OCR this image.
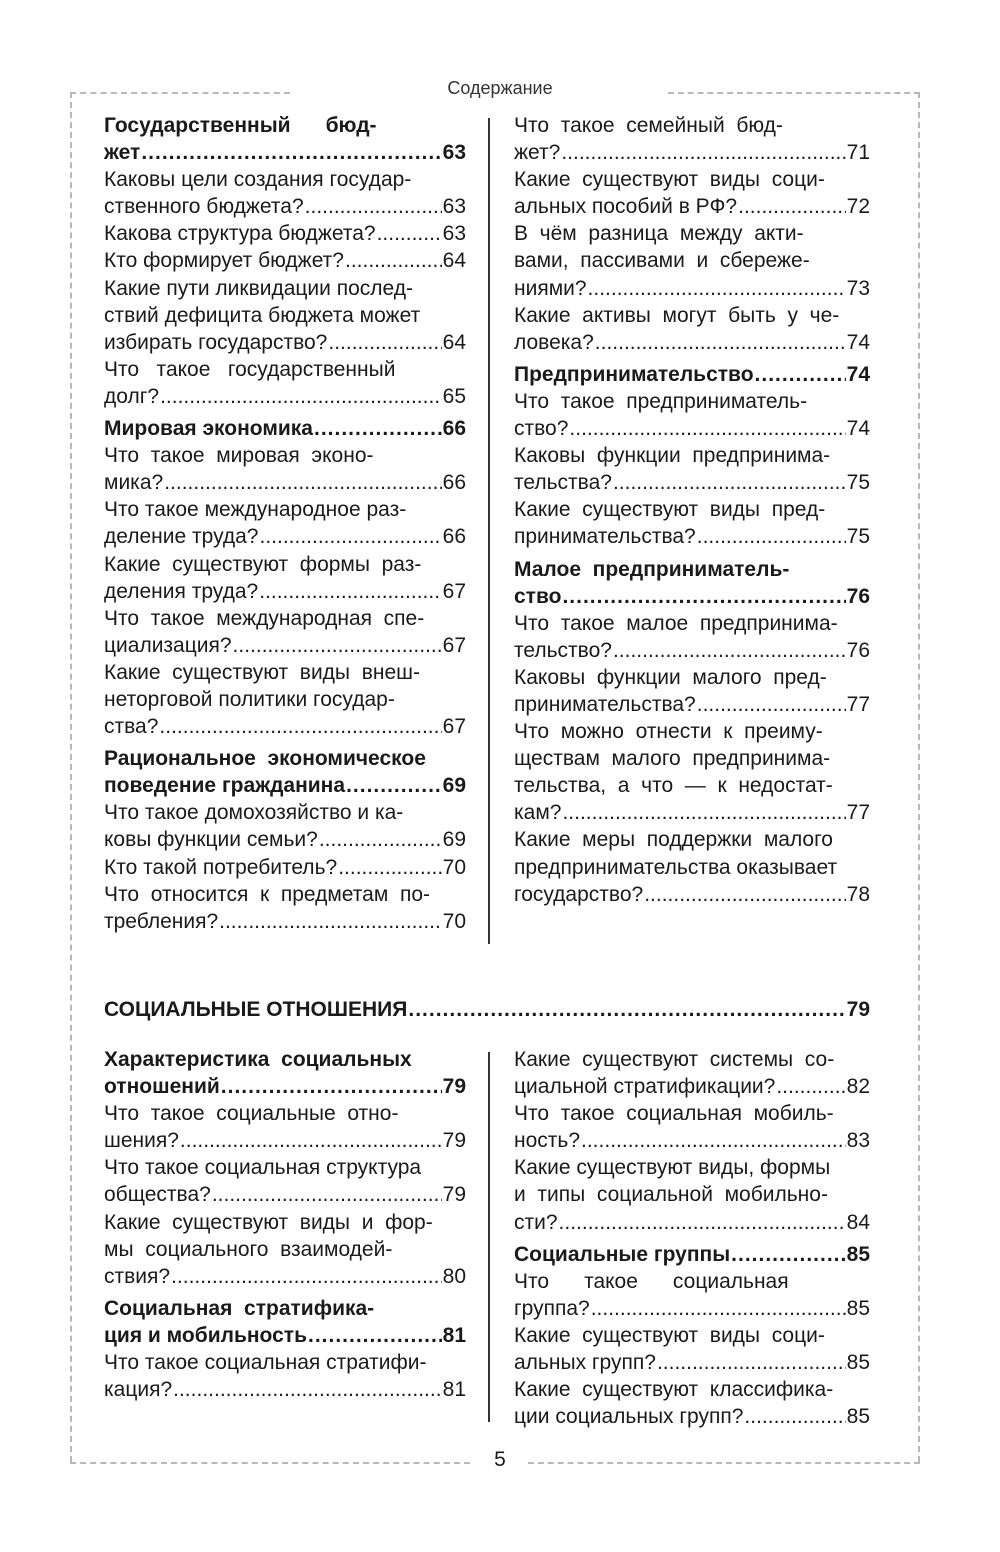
Содержание
Государственный      бюд-
жет .....	63
Каковы цели создания государ-
ственного бюджета? .....	63
Какова структура бюджета? .....	63
Кто формирует бюджет? .....	64
Какие пути ликвидации послед-
ствий дефицита бюджета может
избирать государство? .....	64
Что   такое   государственный
долг? .....	65
Мировая экономика .....	66
Что  такое  мировая  эконо-
мика? .....	66
Что такое международное раз-
деление труда? .....	66
Какие  существуют  формы  раз-
деления труда? .....	67
Что  такое  международная  спе-
циализация? .....	67
Какие  существуют  виды  внеш-
неторговой политики государ-
ства? .....	67
Рациональное  экономическое
поведение гражданина .....	69
Что такое домохозяйство и ка-
ковы функции семьи? .....	69
Кто такой потребитель? .....	70
Что  относится  к  предметам  по-
требления? .....	70
Что  такое  семейный  бюд-
жет? .....	71
Какие  существуют  виды  соци-
альных пособий в РФ? .....	72
В  чём  разница  между  акти-
вами,  пассивами  и  сбереже-
ниями? .....	73
Какие  активы  могут  быть  у  че-
ловека? .....	74
Предпринимательство .....	74
Что  такое  предприниматель-
ство? .....	74
Каковы  функции  предпринима-
тельства? .....	75
Какие  существуют  виды  пред-
принимательства? .....	75
Малое  предприниматель-
ство .....	76
Что  такое  малое  предпринима-
тельство? .....	76
Каковы  функции  малого  пред-
принимательства? .....	77
Что  можно  отнести  к  преиму-
ществам  малого  предпринима-
тельства,  а  что  —  к  недостат-
кам? .....	77
Какие  меры  поддержки  малого
предпринимательства оказывает
государство? .....	78
СОЦИАЛЬНЫЕ ОТНОШЕНИЯ .....	79
Характеристика  социальных
отношений .....	79
Что  такое  социальные  отно-
шения? .....	79
Что такое социальная структура
общества? .....	79
Какие  существуют  виды  и  фор-
мы  социального  взаимодей-
ствия? .....	80
Социальная  стратифика-
ция и мобильность .....	81
Что такое социальная стратифи-
кация? .....	81
Какие  существуют  системы  со-
циальной стратификации? .....	82
Что  такое  социальная  мобиль-
ность? .....	83
Какие существуют виды, формы
и  типы  социальной  мобильно-
сти? .....	84
Социальные группы .....	85
Что      такое      социальная
группа? .....	85
Какие  существуют  виды  соци-
альных групп? .....	85
Какие  существуют  классифика-
ции социальных групп? .....	85
5
